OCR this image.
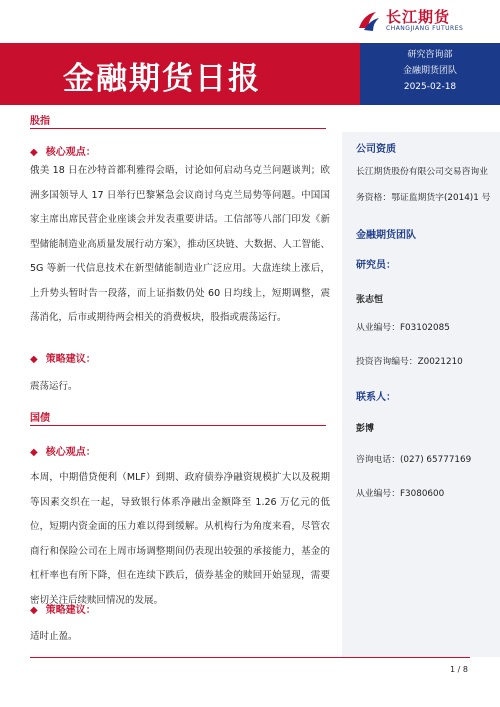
长江期货
CHANGJIANG FUTURES
金融期货日报
研究咨询部
金融期货团队
2025-02-18
股指
◆ 核心观点：
俄美 18 日在沙特首都利雅得会晤，讨论如何启动乌克兰问题谈判；欧洲多国领导人 17 日举行巴黎紧急会议商讨乌克兰局势等问题。中国国家主席出席民营企业座谈会并发表重要讲话。工信部等八部门印发《新型储能制造业高质量发展行动方案》，推动区块链、大数据、人工智能、5G 等新一代信息技术在新型储能制造业广泛应用。大盘连续上涨后，上升势头暂时告一段落，而上证指数仍处 60 日均线上，短期调整，震荡消化，后市或期待两会相关的消费板块，股指或震荡运行。
◆ 策略建议：
震荡运行。
国债
◆ 核心观点：
本周，中期借贷便利（MLF）到期、政府债券净融资规模扩大以及税期等因素交织在一起，导致银行体系净融出金额降至 1.26 万亿元的低位，短期内资金面的压力难以得到缓解。从机构行为角度来看，尽管农商行和保险公司在上周市场调整期间仍表现出较强的承接能力，基金的杠杆率也有所下降，但在连续下跌后，债券基金的赎回开始显现，需要密切关注后续赎回情况的发展。
◆ 策略建议：
适时止盈。
公司资质
长江期货股份有限公司交易咨询业
务资格：鄂证监期货字(2014)1 号
金融期货团队
研究员：
张志恒
从业编号：F03102085
投资咨询编号：Z0021210
联系人：
彭博
咨询电话：(027) 65777169
从业编号：F3080600
1 / 8
